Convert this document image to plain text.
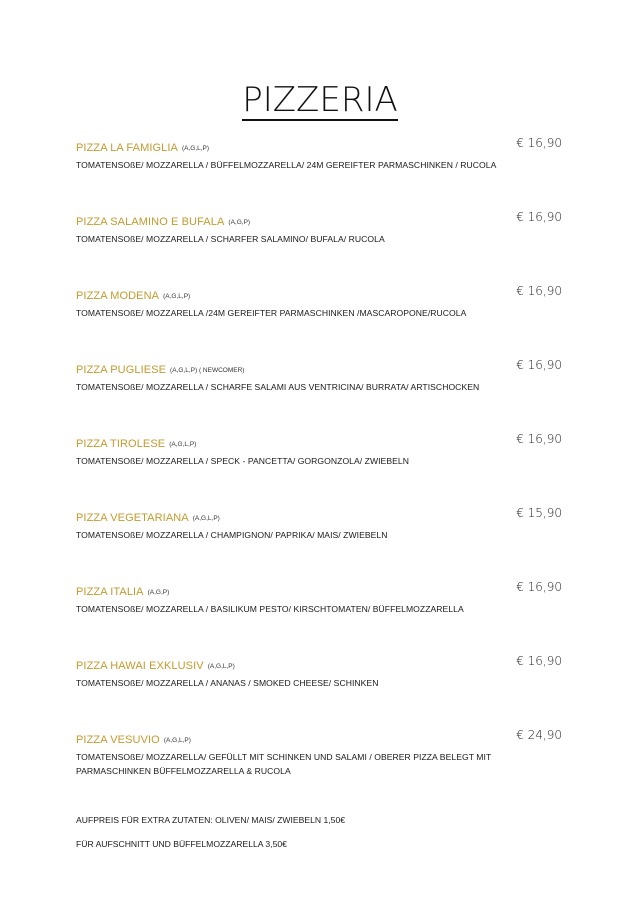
PIZZERIA
PIZZA LA FAMIGLIA (A,G,L,P)	€ 16,90
TOMATENSOßE/ MOZZARELLA / BÜFFELMOZZARELLA/ 24M GEREIFTER PARMASCHINKEN / RUCOLA
PIZZA SALAMINO E BUFALA (A,G,P)	€ 16,90
TOMATENSOßE/ MOZZARELLA / SCHARFER SALAMINO/ BUFALA/ RUCOLA
PIZZA MODENA (A,G,L,P)	€ 16,90
TOMATENSOßE/ MOZZARELLA /24M GEREIFTER PARMASCHINKEN /MASCAROPONE/RUCOLA
PIZZA PUGLIESE (A,G,L,P) ( NEWCOMER)	€ 16,90
TOMATENSOßE/ MOZZARELLA / SCHARFE SALAMI AUS VENTRICINA/ BURRATA/ ARTISCHOCKEN
PIZZA TIROLESE (A,G,L,P)	€ 16,90
TOMATENSOßE/ MOZZARELLA / SPECK - PANCETTA/ GORGONZOLA/ ZWIEBELN
PIZZA VEGETARIANA (A,G,L,P)	€ 15,90
TOMATENSOßE/ MOZZARELLA / CHAMPIGNON/ PAPRIKA/ MAIS/ ZWIEBELN
PIZZA ITALIA (A,G,P)	€ 16,90
TOMATENSOßE/ MOZZARELLA / BASILIKUM PESTO/ KIRSCHTOMATEN/ BÜFFELMOZZARELLA
PIZZA HAWAI EXKLUSIV (A,G,L,P)	€ 16,90
TOMATENSOßE/ MOZZARELLA / ANANAS / SMOKED CHEESE/ SCHINKEN
PIZZA VESUVIO (A,G,L,P)	€ 24,90
TOMATENSOßE/ MOZZARELLA/ GEFÜLLT MIT SCHINKEN UND SALAMI / OBERER PIZZA BELEGT MIT PARMASCHINKEN BÜFFELMOZZARELLA & RUCOLA
AUFPREIS FÜR EXTRA ZUTATEN: OLIVEN/ MAIS/ ZWIEBELN 1,50€
FÜR AUFSCHNITT UND BÜFFELMOZZARELLA 3,50€
